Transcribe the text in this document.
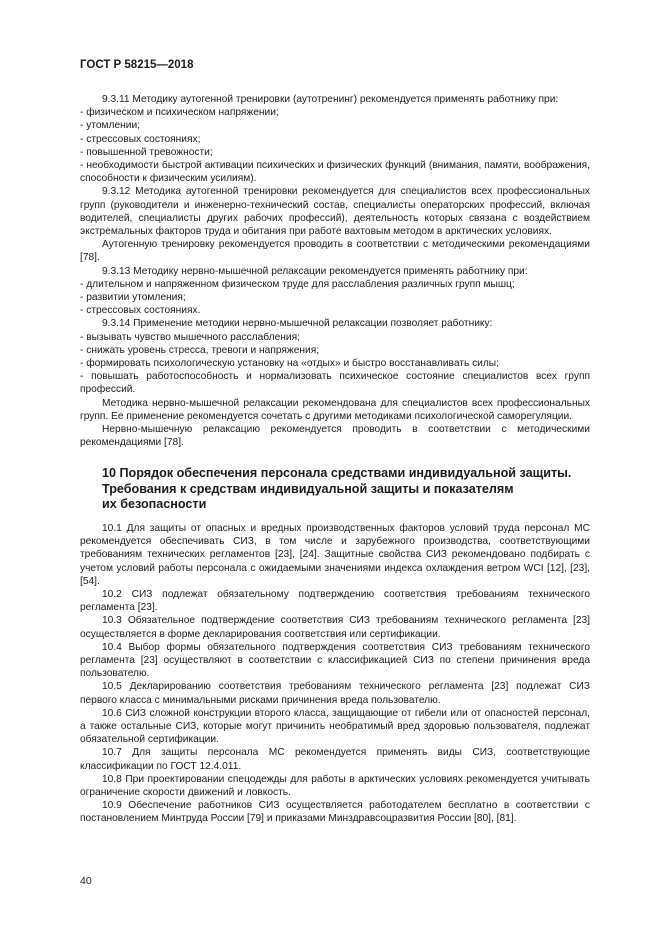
ГОСТ Р 58215—2018

9.3.11 Методику аутогенной тренировки (аутотренинг) рекомендуется применять работнику при:

- физическом и психическом напряжении;

- утомлении;

- стрессовых состояниях;

- повышенной тревожности;

- необходимости быстрой активации психических и физических функций (внимания, памяти, воображения, способности к физическим усилиям).

9.3.12 Методика аутогенной тренировки рекомендуется для специалистов всех профессиональных групп (руководители и инженерно-технический состав, специалисты операторских профессий, включая водителей, специалисты других рабочих профессий), деятельность которых связана с воздействием экстремальных факторов труда и обитания при работе вахтовым методом в арктических условиях.

Аутогенную тренировку рекомендуется проводить в соответствии с методическими рекомендациями [78].

9.3.13 Методику нервно-мышечной релаксации рекомендуется применять работнику при:

- длительном и напряженном физическом труде для расслабления различных групп мышц;

- развитии утомления;

- стрессовых состояниях.

9.3.14 Применение методики нервно-мышечной релаксации позволяет работнику:

- вызывать чувство мышечного расслабления;

- снижать уровень стресса, тревоги и напряжения;

- формировать психологическую установку на «отдых» и быстро восстанавливать силы;

- повышать работоспособность и нормализовать психическое состояние специалистов всех групп профессий.

Методика нервно-мышечной релаксации рекомендована для специалистов всех профессиональных групп. Ее применение рекомендуется сочетать с другими методиками психологической саморегуляции.

Нервно-мышечную релаксацию рекомендуется проводить в соответствии с методическими рекомендациями [78].

10 Порядок обеспечения персонала средствами индивидуальной защиты.
Требования к средствам индивидуальной защиты и показателям
их безопасности

10.1 Для защиты от опасных и вредных производственных факторов условий труда персонал МС рекомендуется обеспечивать СИЗ, в том числе и зарубежного производства, соответствующими требованиям технических регламентов [23], [24]. Защитные свойства СИЗ рекомендовано подбирать с учетом условий работы персонала с ожидаемыми значениями индекса охлаждения ветром WCI [12], [23], [54].

10.2 СИЗ подлежат обязательному подтверждению соответствия требованиям технического регламента [23].

10.3 Обязательное подтверждение соответствия СИЗ требованиям технического регламента [23] осуществляется в форме декларирования соответствия или сертификации.

10.4 Выбор формы обязательного подтверждения соответствия СИЗ требованиям технического регламента [23] осуществляют в соответствии с классификацией СИЗ по степени причинения вреда пользователю.

10.5 Декларированию соответствия требованиям технического регламента [23] подлежат СИЗ первого класса с минимальными рисками причинения вреда пользователю.

10.6 СИЗ сложной конструкции второго класса, защищающие от гибели или от опасностей персонал, а также остальные СИЗ, которые могут причинить необратимый вред здоровью пользователя, подлежат обязательной сертификации.

10.7 Для защиты персонала МС рекомендуется применять виды СИЗ, соответствующие классификации по ГОСТ 12.4.011.

10.8 При проектировании спецодежды для работы в арктических условиях рекомендуется учитывать ограничение скорости движений и ловкость.

10.9 Обеспечение работников СИЗ осуществляется работодателем бесплатно в соответствии с постановлением Минтруда России [79] и приказами Минздравсоцразвития России [80], [81].

40
